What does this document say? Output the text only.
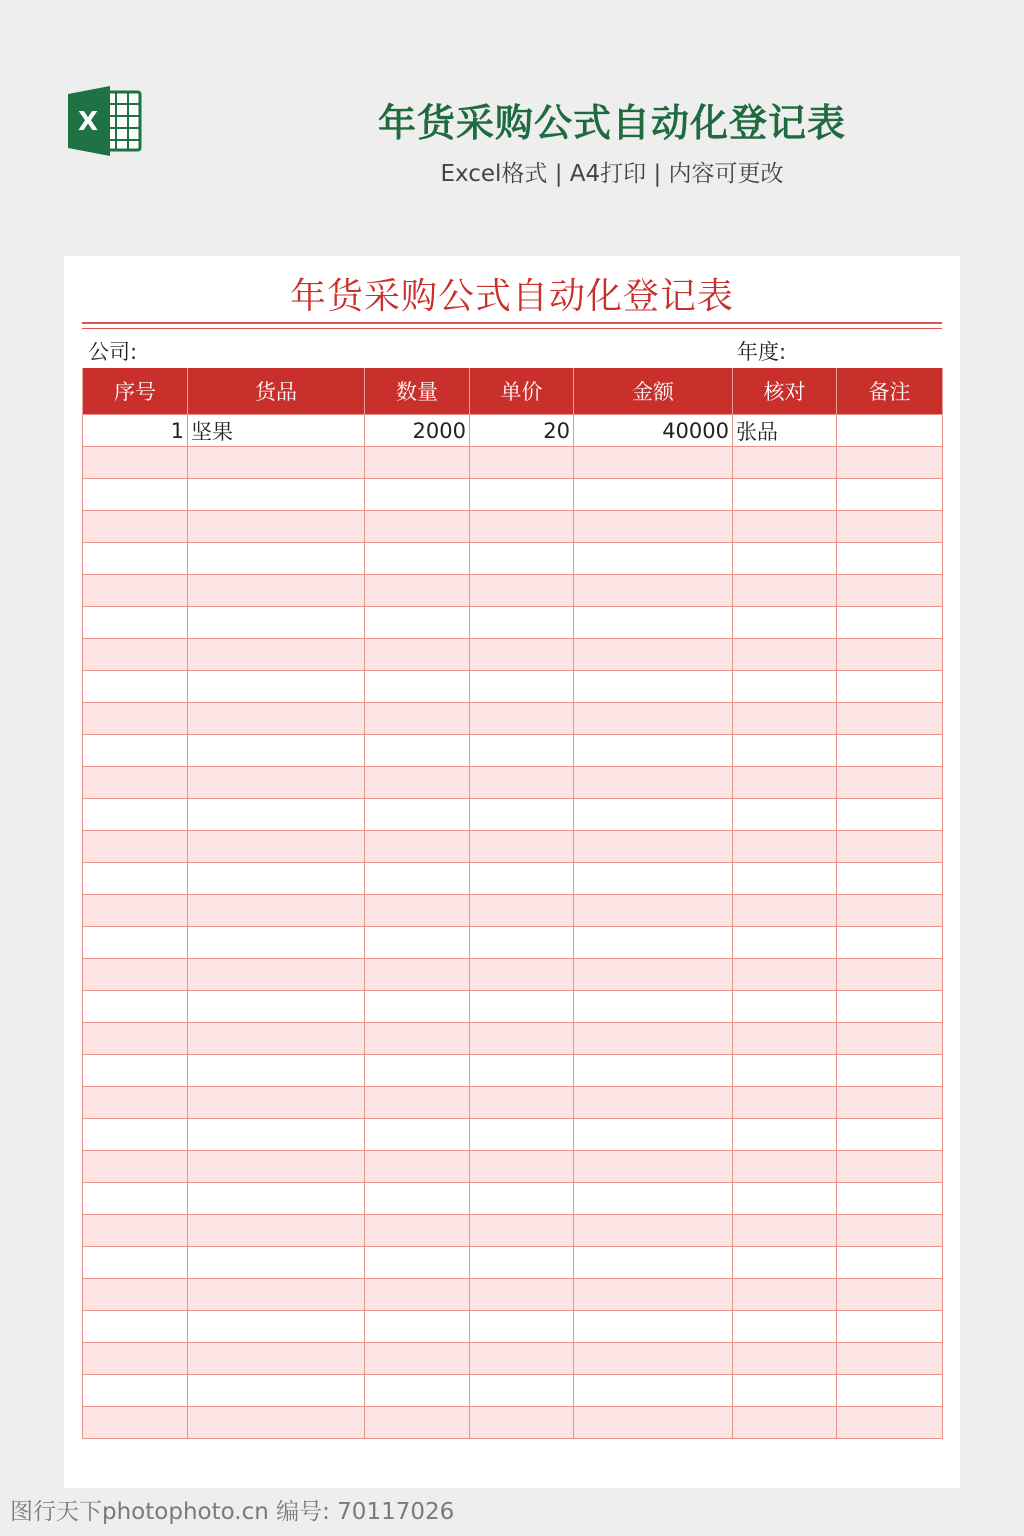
X	年货采购公式自动化登记表
Excel格式 | A4打印 | 内容可更改
年货采购公式自动化登记表
公司:	年度:
序号	货品	数量	单价	金额	核对	备注
1	坚果	2000	20	40000	张品	

图行天下photophoto.cn 编号: 70117026
